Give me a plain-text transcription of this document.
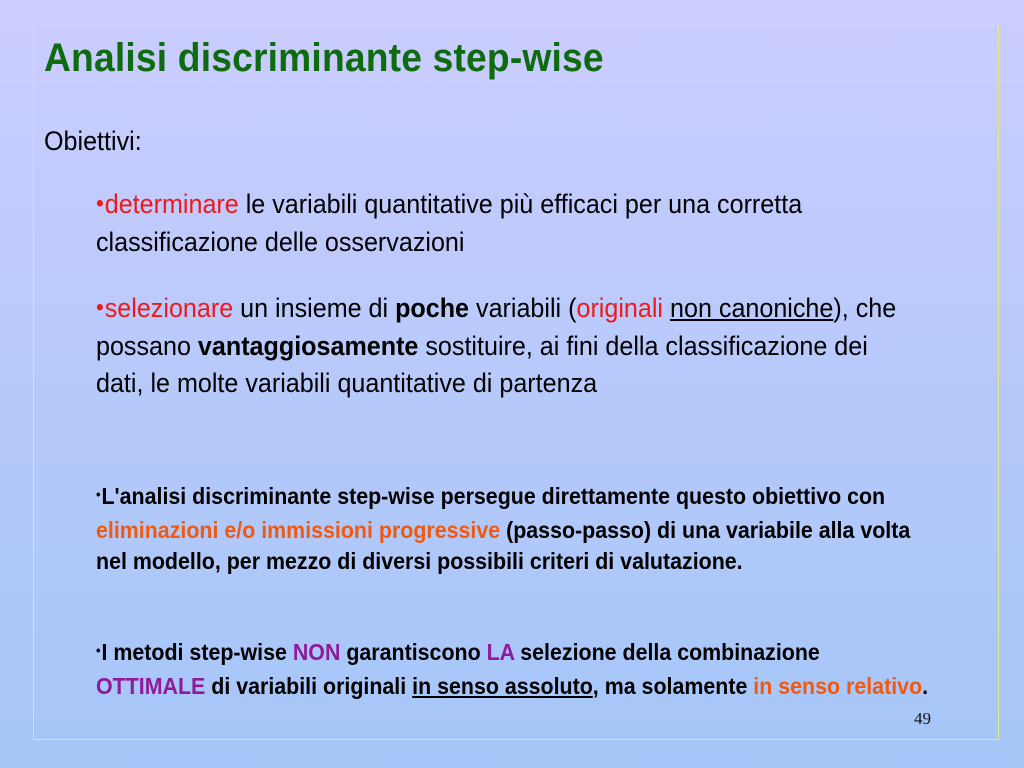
Analisi discriminante step-wise
Obiettivi:
•determinare le variabili quantitative più efficaci per una corretta classificazione delle osservazioni
•selezionare un insieme di poche variabili (originali non canoniche), che possano vantaggiosamente sostituire, ai fini della classificazione dei dati, le molte variabili quantitative di partenza
•L'analisi discriminante step-wise persegue direttamente questo obiettivo con eliminazioni e/o immissioni progressive (passo-passo) di una variabile alla volta nel modello, per mezzo di diversi possibili criteri di valutazione.
•I metodi step-wise NON garantiscono LA selezione della combinazione OTTIMALE di variabili originali in senso assoluto, ma solamente in senso relativo.
49
